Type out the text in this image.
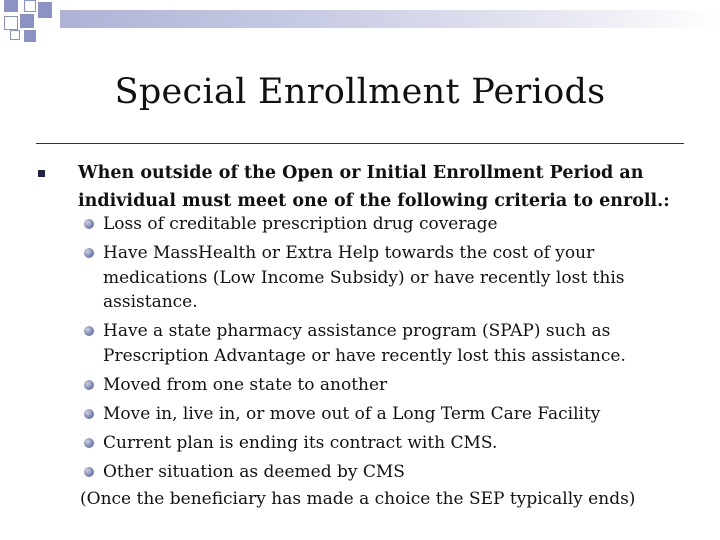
Special Enrollment Periods

When outside of the Open or Initial Enrollment Period an individual must meet one of the following criteria to enroll.:

Loss of creditable prescription drug coverage
Have MassHealth or Extra Help towards the cost of your medications (Low Income Subsidy) or have recently lost this assistance.
Have a state pharmacy assistance program (SPAP) such as Prescription Advantage or have recently lost this assistance.
Moved from one state to another
Move in, live in, or move out of a Long Term Care Facility
Current plan is ending its contract with CMS.
Other situation as deemed by CMS

(Once the beneficiary has made a choice the SEP typically ends)
